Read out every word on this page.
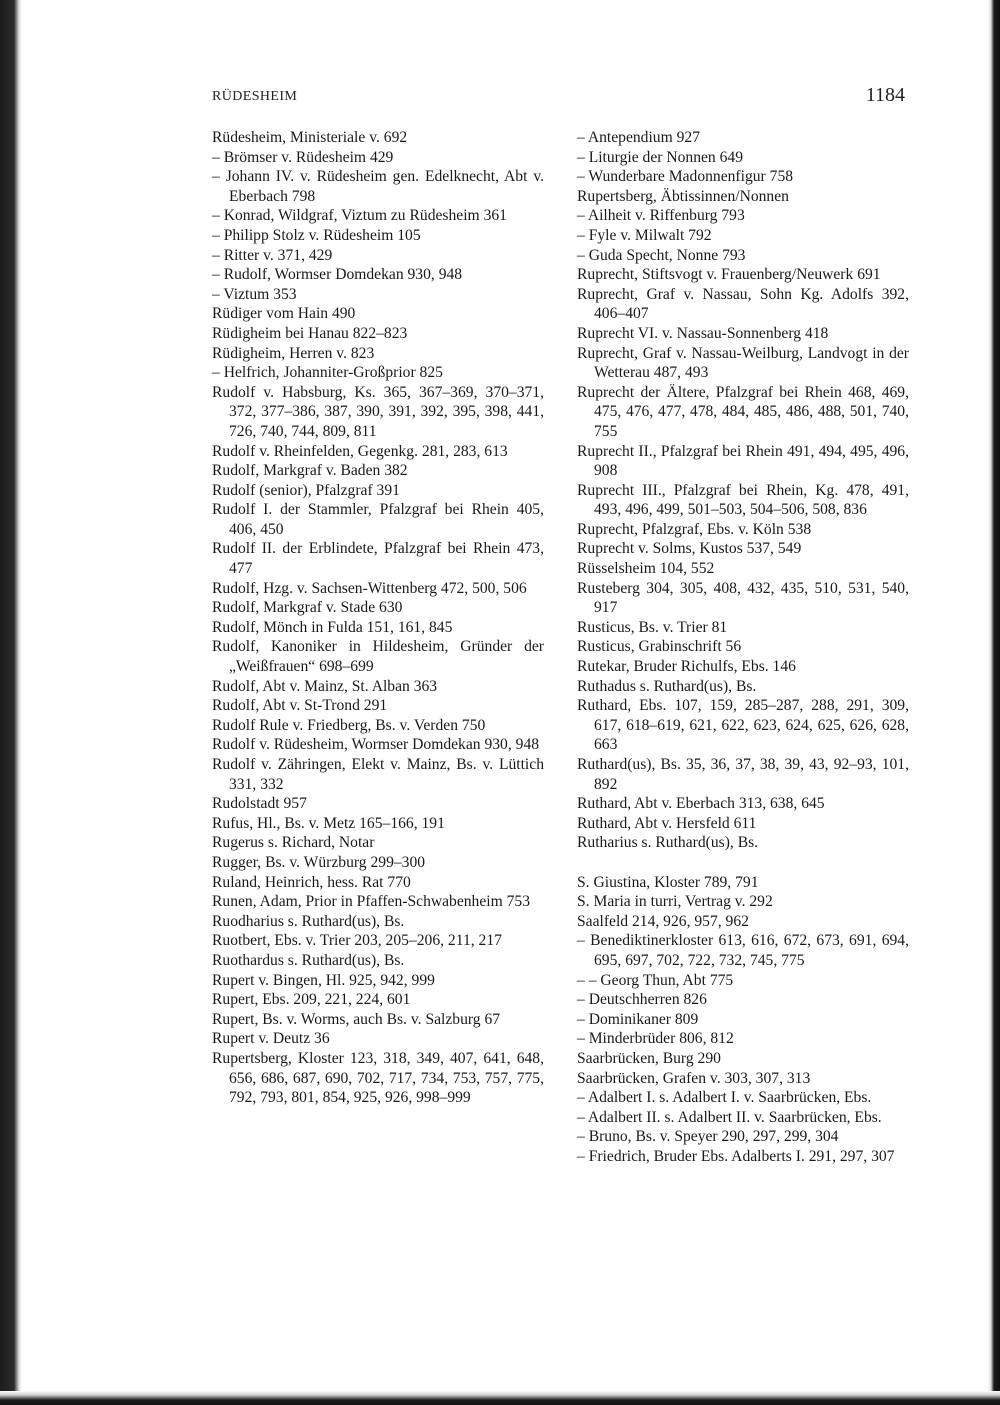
RÜDESHEIM	1184

Rüdesheim, Ministeriale v. 692

– Brömser v. Rüdesheim 429

– Johann IV. v. Rüdesheim gen. Edelknecht, Abt v. Eberbach 798

– Konrad, Wildgraf, Viztum zu Rüdesheim 361

– Philipp Stolz v. Rüdesheim 105

– Ritter v. 371, 429

– Rudolf, Wormser Domdekan 930, 948

– Viztum 353

Rüdiger vom Hain 490

Rüdigheim bei Hanau 822–823

Rüdigheim, Herren v. 823

– Helfrich, Johanniter-Großprior 825

Rudolf v. Habsburg, Ks. 365, 367–369, 370–371, 372, 377–386, 387, 390, 391, 392, 395, 398, 441, 726, 740, 744, 809, 811

Rudolf v. Rheinfelden, Gegenkg. 281, 283, 613

Rudolf, Markgraf v. Baden 382

Rudolf (senior), Pfalzgraf 391

Rudolf I. der Stammler, Pfalzgraf bei Rhein 405, 406, 450

Rudolf II. der Erblindete, Pfalzgraf bei Rhein 473, 477

Rudolf, Hzg. v. Sachsen-Wittenberg 472, 500, 506

Rudolf, Markgraf v. Stade 630

Rudolf, Mönch in Fulda 151, 161, 845

Rudolf, Kanoniker in Hildesheim, Gründer der „Weißfrauen“ 698–699

Rudolf, Abt v. Mainz, St. Alban 363

Rudolf, Abt v. St-Trond 291

Rudolf Rule v. Friedberg, Bs. v. Verden 750

Rudolf v. Rüdesheim, Wormser Domdekan 930, 948

Rudolf v. Zähringen, Elekt v. Mainz, Bs. v. Lüttich 331, 332

Rudolstadt 957

Rufus, Hl., Bs. v. Metz 165–166, 191

Rugerus s. Richard, Notar

Rugger, Bs. v. Würzburg 299–300

Ruland, Heinrich, hess. Rat 770

Runen, Adam, Prior in Pfaffen-Schwabenheim 753

Ruodharius s. Ruthard(us), Bs.

Ruotbert, Ebs. v. Trier 203, 205–206, 211, 217

Ruothardus s. Ruthard(us), Bs.

Rupert v. Bingen, Hl. 925, 942, 999

Rupert, Ebs. 209, 221, 224, 601

Rupert, Bs. v. Worms, auch Bs. v. Salzburg 67

Rupert v. Deutz 36

Rupertsberg, Kloster 123, 318, 349, 407, 641, 648, 656, 686, 687, 690, 702, 717, 734, 753, 757, 775, 792, 793, 801, 854, 925, 926, 998–999

– Antependium 927

– Liturgie der Nonnen 649

– Wunderbare Madonnenfigur 758

Rupertsberg, Äbtissinnen/Nonnen

– Ailheit v. Riffenburg 793

– Fyle v. Milwalt 792

– Guda Specht, Nonne 793

Ruprecht, Stiftsvogt v. Frauenberg/Neuwerk 691

Ruprecht, Graf v. Nassau, Sohn Kg. Adolfs 392, 406–407

Ruprecht VI. v. Nassau-Sonnenberg 418

Ruprecht, Graf v. Nassau-Weilburg, Landvogt in der Wetterau 487, 493

Ruprecht der Ältere, Pfalzgraf bei Rhein 468, 469, 475, 476, 477, 478, 484, 485, 486, 488, 501, 740, 755

Ruprecht II., Pfalzgraf bei Rhein 491, 494, 495, 496, 908

Ruprecht III., Pfalzgraf bei Rhein, Kg. 478, 491, 493, 496, 499, 501–503, 504–506, 508, 836

Ruprecht, Pfalzgraf, Ebs. v. Köln 538

Ruprecht v. Solms, Kustos 537, 549

Rüsselsheim 104, 552

Rusteberg 304, 305, 408, 432, 435, 510, 531, 540, 917

Rusticus, Bs. v. Trier 81

Rusticus, Grabinschrift 56

Rutekar, Bruder Richulfs, Ebs. 146

Ruthadus s. Ruthard(us), Bs.

Ruthard, Ebs. 107, 159, 285–287, 288, 291, 309, 617, 618–619, 621, 622, 623, 624, 625, 626, 628, 663

Ruthard(us), Bs. 35, 36, 37, 38, 39, 43, 92–93, 101, 892

Ruthard, Abt v. Eberbach 313, 638, 645

Ruthard, Abt v. Hersfeld 611

Rutharius s. Ruthard(us), Bs.

S. Giustina, Kloster 789, 791

S. Maria in turri, Vertrag v. 292

Saalfeld 214, 926, 957, 962

– Benediktinerkloster 613, 616, 672, 673, 691, 694, 695, 697, 702, 722, 732, 745, 775

– – Georg Thun, Abt 775

– Deutschherren 826

– Dominikaner 809

– Minderbrüder 806, 812

Saarbrücken, Burg 290

Saarbrücken, Grafen v. 303, 307, 313

– Adalbert I. s. Adalbert I. v. Saarbrücken, Ebs.

– Adalbert II. s. Adalbert II. v. Saarbrücken, Ebs.

– Bruno, Bs. v. Speyer 290, 297, 299, 304

– Friedrich, Bruder Ebs. Adalberts I. 291, 297, 307
